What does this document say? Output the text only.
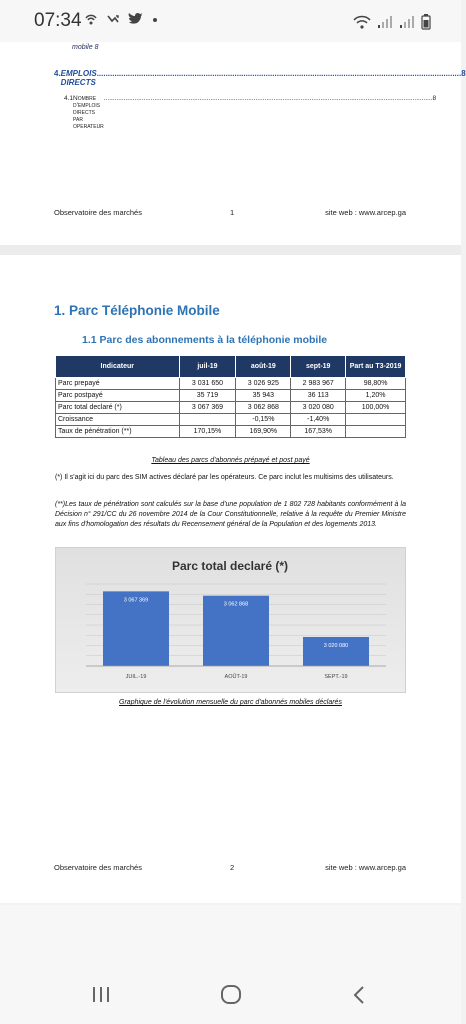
07:34
mobile 8
4. EMPLOIS DIRECTS
.................................................................................................................................................................... 8
4.1 Nombre d'emplois directs par operateur
...................................................................................................................................................................................... 8
Observatoire des marchés	1	site web : www.arcep.ga
1. Parc Téléphonie Mobile
1.1 Parc des abonnements à la téléphonie mobile
Indicateur	juil-19	août-19	sept-19	Part au T3-2019
Parc prepayé	3 031 650	3 026 925	2 983 967	98,80%
Parc postpayé	35 719	35 943	36 113	1,20%
Parc total declaré (*)	3 067 369	3 062 868	3 020 080	100,00%
Croissance		-0,15%	-1,40%	
Taux de pénétration (**)	170,15%	169,90%	167,53%	
Tableau des parcs d'abonnés prépayé et post payé
(*) Il s'agit ici du parc des SIM actives déclaré par les opérateurs. Ce parc inclut les multisims des utilisateurs.
(**)Les taux de pénétration sont calculés sur la base d'une population de 1 802 728 habitants conformément à la Décision n° 291/CC du 26 novembre 2014 de la Cour Constitutionnelle, relative à la requête du Premier Ministre aux fins d'homologation des résultats du Recensement général de la Population et des logements 2013.
Parc total declaré (*)
3 067 369
3 062 868
3 020 080
JUIL.-19	AOÛT-19	SEPT.-19
Graphique de l'évolution mensuelle du parc d'abonnés mobiles déclarés
Observatoire des marchés	2	site web : www.arcep.ga
